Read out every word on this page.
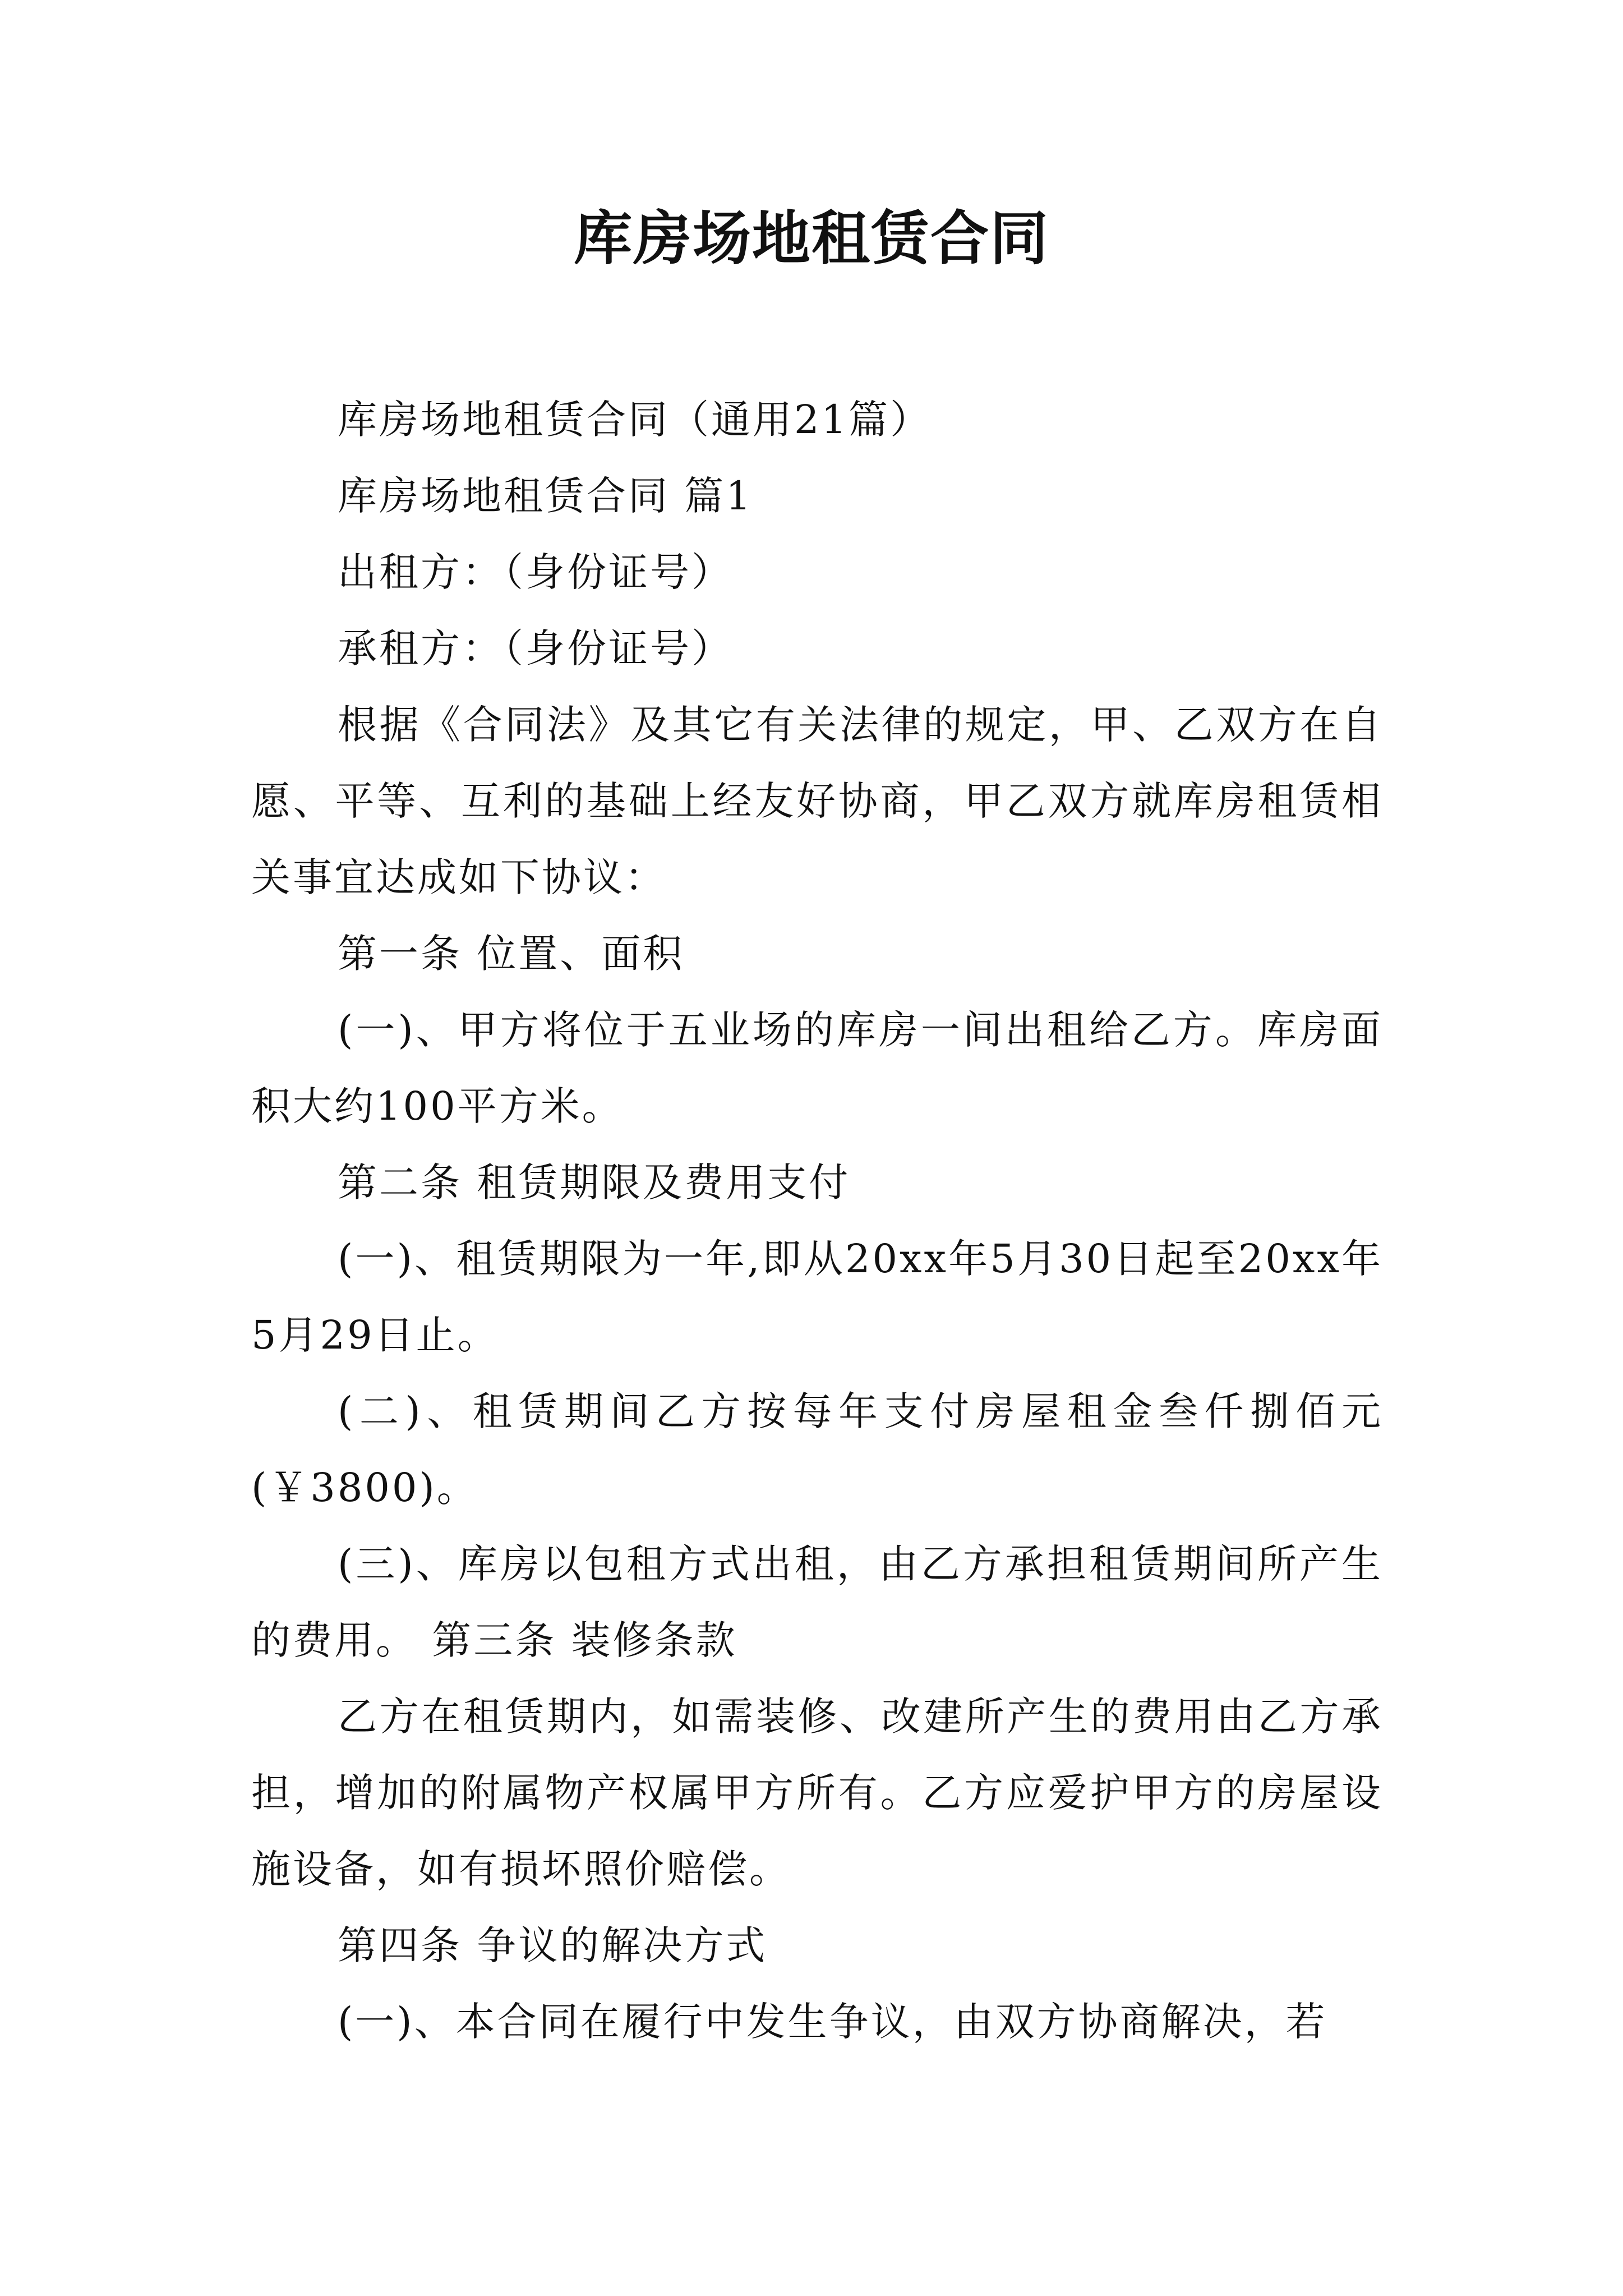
库房场地租赁合同

库房场地租赁合同（通用21篇）

库房场地租赁合同 篇1

出租方：（身份证号）

承租方：（身份证号）

根据《合同法》及其它有关法律的规定，甲、乙双方在自愿、平等、互利的基础上经友好协商，甲乙双方就库房租赁相关事宜达成如下协议：

第一条 位置、面积

(一)、甲方将位于五业场的库房一间出租给乙方。库房面积大约100平方米。

第二条 租赁期限及费用支付

(一)、租赁期限为一年,即从20xx年5月30日起至20xx年5月29日止。

(二)、租赁期间乙方按每年支付房屋租金叁仟捌佰元(￥3800)。

(三)、库房以包租方式出租，由乙方承担租赁期间所产生的费用。 第三条 装修条款

乙方在租赁期内，如需装修、改建所产生的费用由乙方承担，增加的附属物产权属甲方所有。乙方应爱护甲方的房屋设施设备，如有损坏照价赔偿。

第四条 争议的解决方式

(一)、本合同在履行中发生争议，由双方协商解决，若
